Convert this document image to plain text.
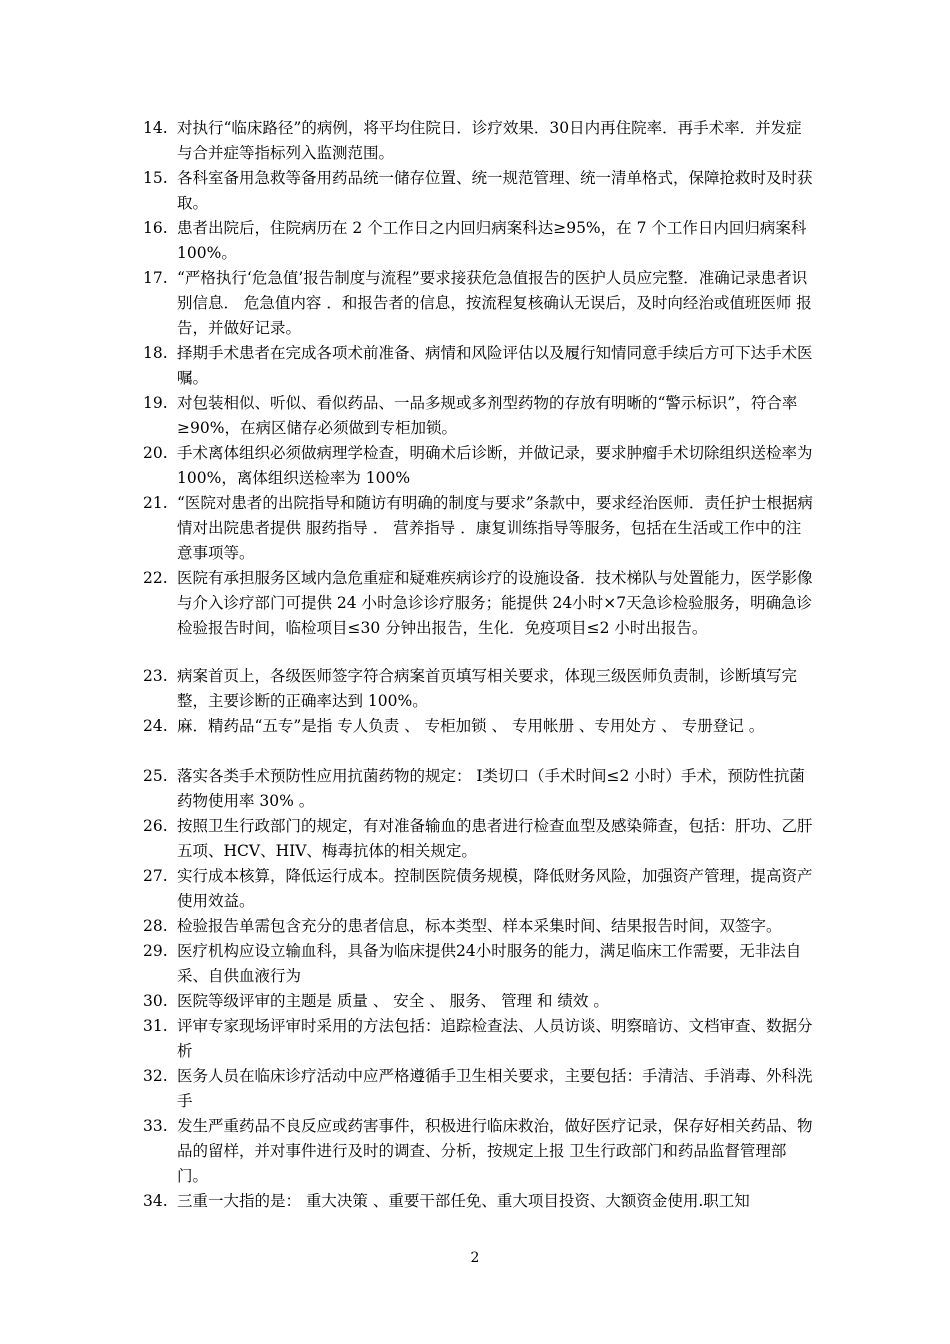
14. 对执行“临床路径”的病例，将平均住院日．诊疗效果．30日内再住院率．再手术率．并发症与合并症等指标列入监测范围。
15. 各科室备用急救等备用药品统一储存位置、统一规范管理、统一清单格式，保障抢救时及时获取。
16. 患者出院后，住院病历在 2 个工作日之内回归病案科达≥95%，在 7 个工作日内回归病案科 100%。
17. “严格执行‘危急值’报告制度与流程”要求接获危急值报告的医护人员应完整．准确记录患者识别信息． 危急值内容 ．和报告者的信息，按流程复核确认无误后，及时向经治或值班医师 报告，并做好记录。
18. 择期手术患者在完成各项术前准备、病情和风险评估以及履行知情同意手续后方可下达手术医嘱。
19. 对包装相似、听似、看似药品、一品多规或多剂型药物的存放有明晰的“警示标识”，符合率≥90%，在病区储存必须做到专柜加锁。
20. 手术离体组织必须做病理学检查，明确术后诊断，并做记录，要求肿瘤手术切除组织送检率为 100%，离体组织送检率为 100%
21. “医院对患者的出院指导和随访有明确的制度与要求”条款中，要求经治医师．责任护士根据病情对出院患者提供 服药指导 ． 营养指导 ．康复训练指导等服务，包括在生活或工作中的注意事项等。
22. 医院有承担服务区域内急危重症和疑难疾病诊疗的设施设备．技术梯队与处置能力，医学影像与介入诊疗部门可提供 24 小时急诊诊疗服务；能提供 24小时×7天急诊检验服务，明确急诊检验报告时间，临检项目≤30 分钟出报告，生化．免疫项目≤2 小时出报告。
23. 病案首页上，各级医师签字符合病案首页填写相关要求，体现三级医师负责制，诊断填写完整，主要诊断的正确率达到 100%。
24. 麻．精药品“五专”是指 专人负责 、 专柜加锁 、 专用帐册 、专用处方 、 专册登记 。
25. 落实各类手术预防性应用抗菌药物的规定： Ⅰ类切口（手术时间≤2 小时）手术，预防性抗菌药物使用率 30% 。
26. 按照卫生行政部门的规定，有对准备输血的患者进行检查血型及感染筛查，包括：肝功、乙肝五项、HCV、HIV、梅毒抗体的相关规定。
27. 实行成本核算，降低运行成本。控制医院债务规模，降低财务风险，加强资产管理，提高资产使用效益。
28. 检验报告单需包含充分的患者信息，标本类型、样本采集时间、结果报告时间，双签字。
29. 医疗机构应设立输血科，具备为临床提供24小时服务的能力，满足临床工作需要，无非法自采、自供血液行为
30. 医院等级评审的主题是 质量 、 安全 、 服务、 管理 和 绩效 。
31. 评审专家现场评审时采用的方法包括：追踪检查法、人员访谈、明察暗访、文档审查、数据分析
32. 医务人员在临床诊疗活动中应严格遵循手卫生相关要求，主要包括：手清洁、手消毒、外科洗手
33. 发生严重药品不良反应或药害事件，积极进行临床救治，做好医疗记录，保存好相关药品、物品的留样，并对事件进行及时的调查、分析，按规定上报 卫生行政部门和药品监督管理部门。
34. 三重一大指的是： 重大决策 、重要干部任免、重大项目投资、大额资金使用.职工知
2
